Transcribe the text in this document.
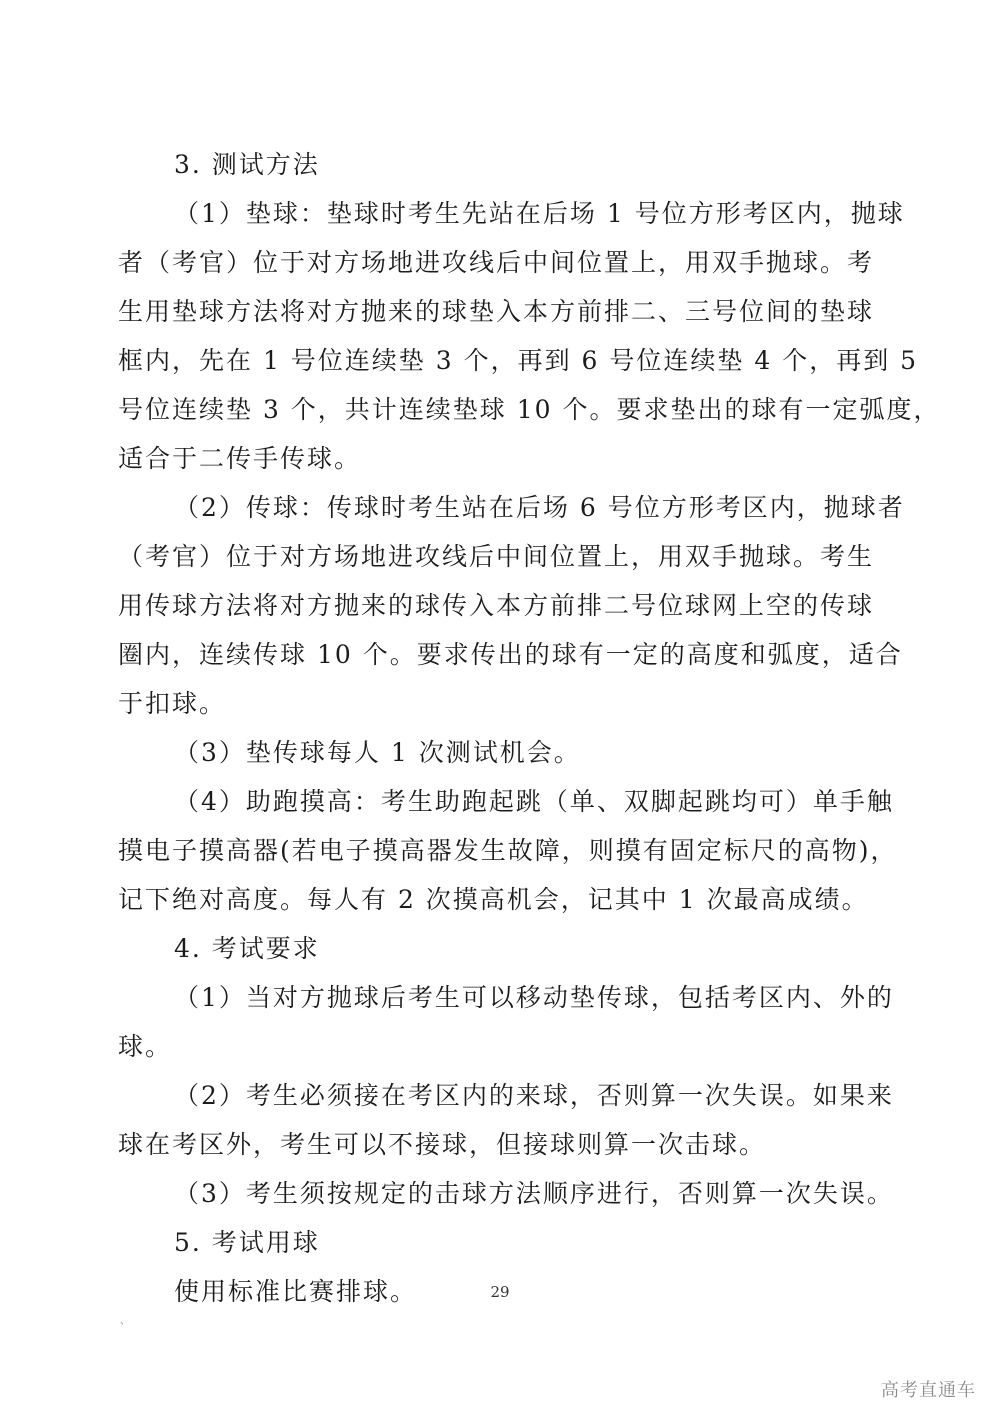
3. 测试方法
（1）垫球：垫球时考生先站在后场 1 号位方形考区内，抛球
者（考官）位于对方场地进攻线后中间位置上，用双手抛球。考
生用垫球方法将对方抛来的球垫入本方前排二、三号位间的垫球
框内，先在 1 号位连续垫 3 个，再到 6 号位连续垫 4 个，再到 5
号位连续垫 3 个，共计连续垫球 10 个。要求垫出的球有一定弧度，
适合于二传手传球。
（2）传球：传球时考生站在后场 6 号位方形考区内，抛球者
（考官）位于对方场地进攻线后中间位置上，用双手抛球。考生
用传球方法将对方抛来的球传入本方前排二号位球网上空的传球
圈内，连续传球 10 个。要求传出的球有一定的高度和弧度，适合
于扣球。
（3）垫传球每人 1 次测试机会。
（4）助跑摸高：考生助跑起跳（单、双脚起跳均可）单手触
摸电子摸高器(若电子摸高器发生故障，则摸有固定标尺的高物)，
记下绝对高度。每人有 2 次摸高机会，记其中 1 次最高成绩。
4. 考试要求
（1）当对方抛球后考生可以移动垫传球，包括考区内、外的
球。
（2）考生必须接在考区内的来球，否则算一次失误。如果来
球在考区外，考生可以不接球，但接球则算一次击球。
（3）考生须按规定的击球方法顺序进行，否则算一次失误。
5. 考试用球
使用标准比赛排球。
、
29
高考直通车
